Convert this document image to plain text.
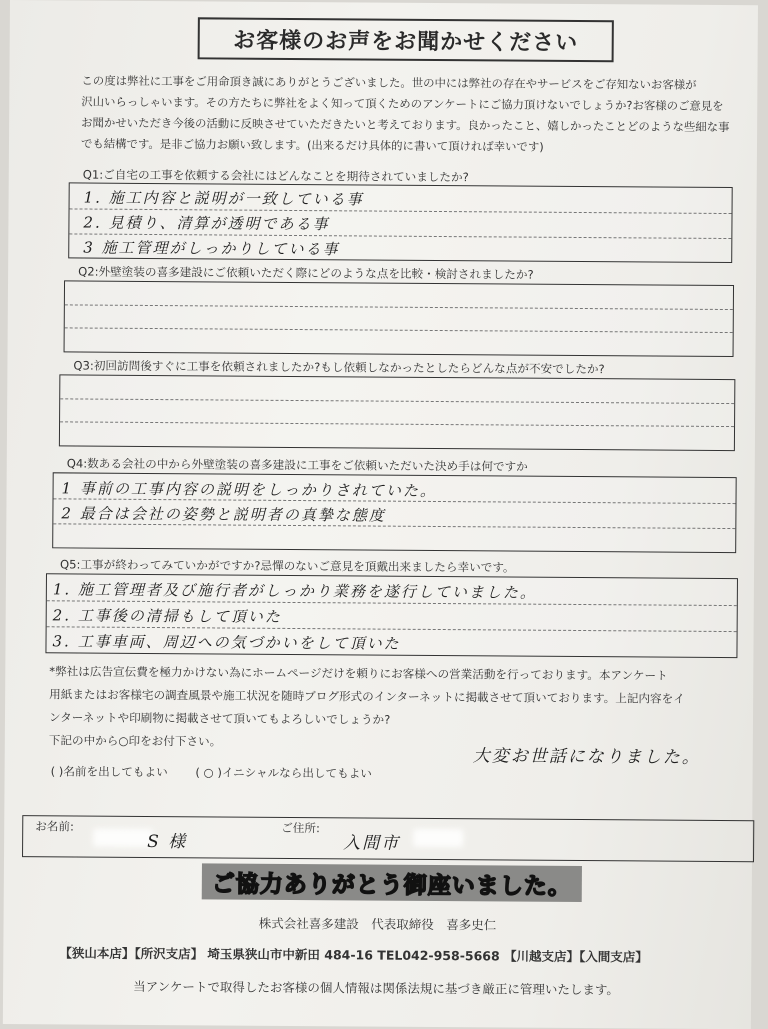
お客様のお声をお聞かせください
この度は弊社に工事をご用命頂き誠にありがとうございました。世の中には弊社の存在やサービスをご存知ないお客様が
沢山いらっしゃいます。その方たちに弊社をよく知って頂くためのアンケートにご協力頂けないでしょうか?お客様のご意見を
お聞かせいただき今後の活動に反映させていただきたいと考えております。良かったこと、嬉しかったことどのような些細な事
でも結構です。是非ご協力お願い致します。(出来るだけ具体的に書いて頂ければ幸いです)
Q1:ご自宅の工事を依頼する会社にはどんなことを期待されていましたか?
1. 施工内容と説明が一致している事
2. 見積り、清算が透明である事
3 施工管理がしっかりしている事
Q2:外壁塗装の喜多建設にご依頼いただく際にどのような点を比較・検討されましたか?
Q3:初回訪問後すぐに工事を依頼されましたか?もし依頼しなかったとしたらどんな点が不安でしたか?
Q4:数ある会社の中から外壁塗装の喜多建設に工事をご依頼いただいた決め手は何ですか
1 事前の工事内容の説明をしっかりされていた。
2 最合は会社の姿勢と説明者の真摯な態度
Q5:工事が終わってみていかがですか?忌憚のないご意見を頂戴出来ましたら幸いです。
1. 施工管理者及び施行者がしっかり業務を遂行していました。
2. 工事後の清掃もして頂いた
3. 工事車両、周辺への気づかいをして頂いた
*弊社は広告宣伝費を極力かけない為にホームページだけを頼りにお客様への営業活動を行っております。本アンケート
用紙またはお客様宅の調査風景や施工状況を随時ブログ形式のインターネットに掲載させて頂いております。上記内容をイ
ンターネットや印刷物に掲載させて頂いてもよろしいでしょうか?
下記の中から○印をお付下さい。
( )名前を出してもよい ( ○ )イニシャルなら出してもよい
大変お世話になりました。
お名前:
S 様
ご住所:
入間市
ご協力ありがとう御座いました。
株式会社喜多建設　代表取締役　喜多史仁
【狭山本店】【所沢支店】 埼玉県狭山市中新田 484-16 TEL042-958-5668 【川越支店】【入間支店】
当アンケートで取得したお客様の個人情報は関係法規に基づき厳正に管理いたします。
